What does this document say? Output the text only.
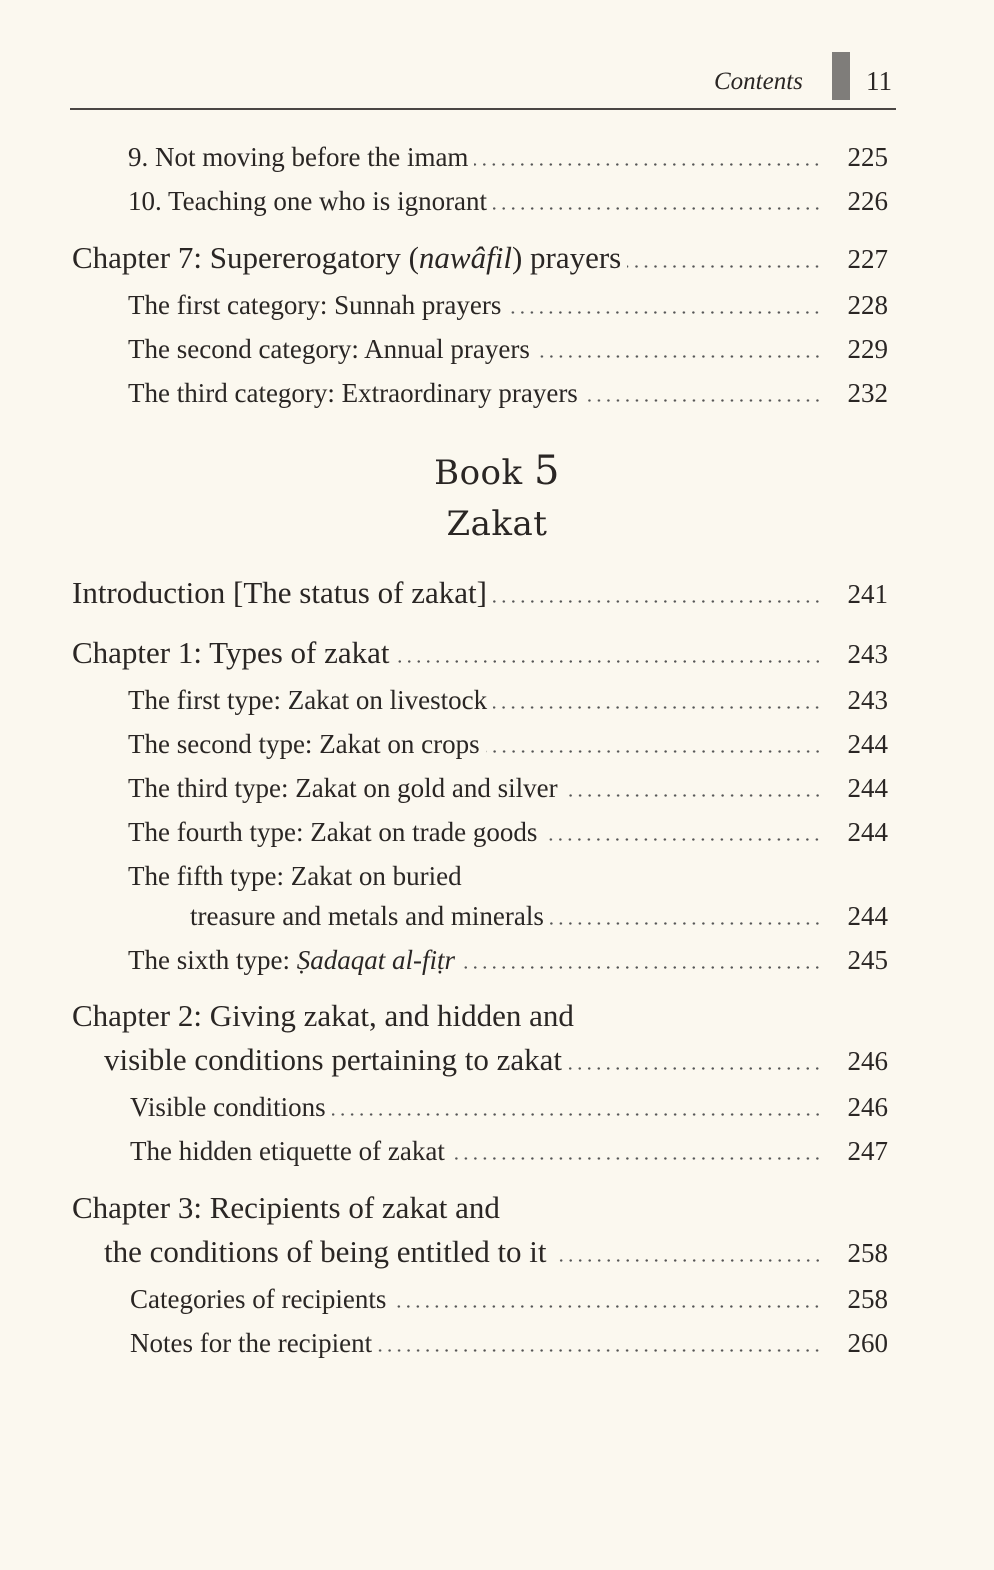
Contents 11
9. Not moving before the imam	225
10. Teaching one who is ignorant	226
Chapter 7: Supererogatory (nawâfil) prayers	227
The first category: Sunnah prayers	228
The second category: Annual prayers	229
The third category: Extraordinary prayers	232
Book 5
Zakat
Introduction [The status of zakat]	241
Chapter 1: Types of zakat	243
The first type: Zakat on livestock	243
The second type: Zakat on crops	244
The third type: Zakat on gold and silver	244
The fourth type: Zakat on trade goods	244
The fifth type: Zakat on buried
treasure and metals and minerals	244
The sixth type: Ṣadaqat al-fiṭr	245
Chapter 2: Giving zakat, and hidden and
visible conditions pertaining to zakat	246
Visible conditions	246
The hidden etiquette of zakat	247
Chapter 3: Recipients of zakat and
the conditions of being entitled to it	258
Categories of recipients	258
Notes for the recipient	260
